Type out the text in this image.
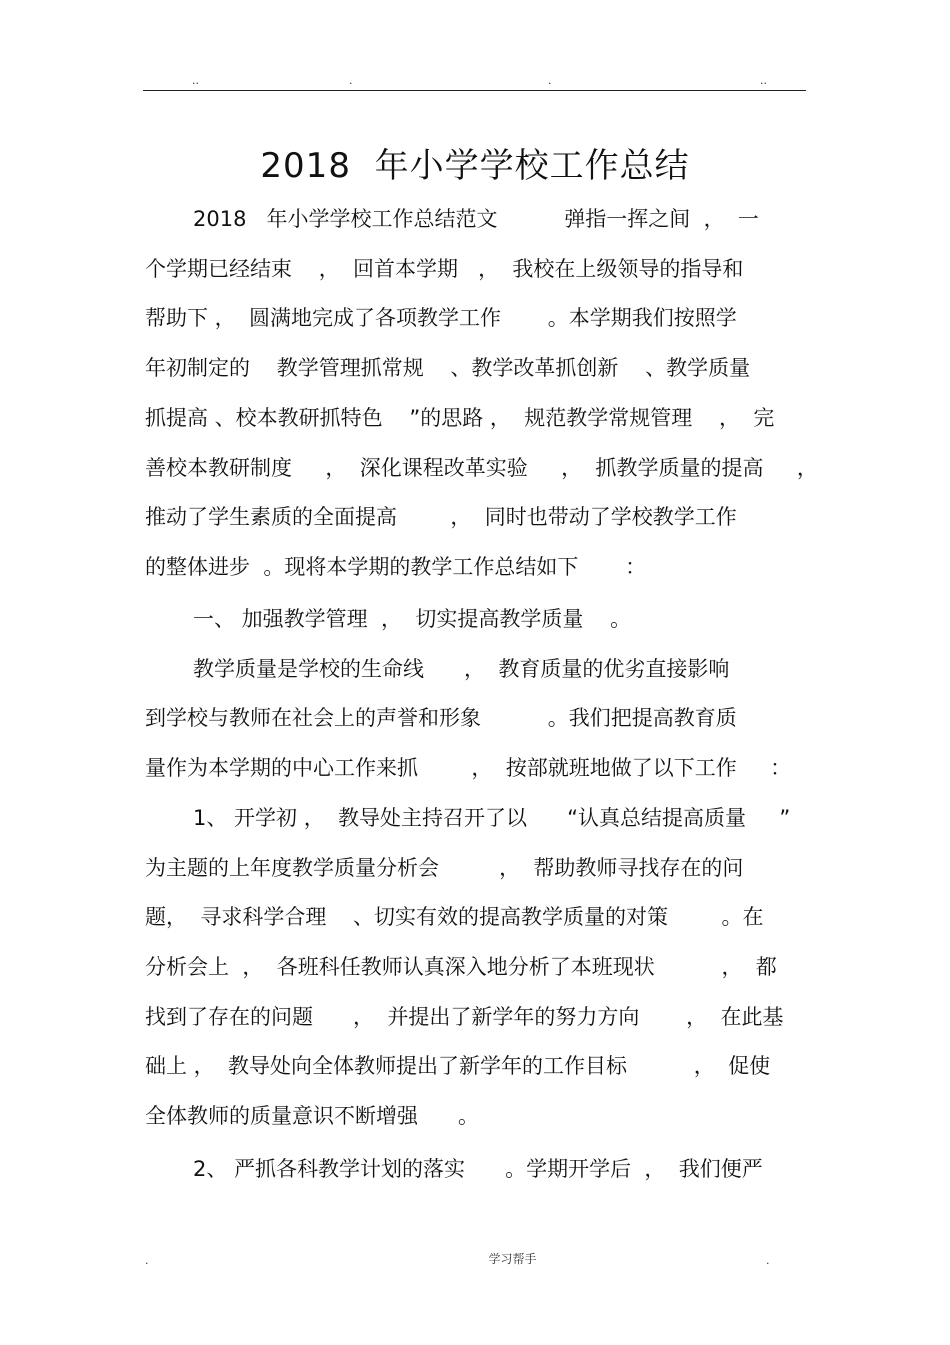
..	.	.	..
2018  年小学学校工作总结
2018   年小学学校工作总结范文          弹指一挥之间  ，  一
个学期已经结束    ，  回首本学期   ，  我校在上级领导的指导和
帮助下 ，  圆满地完成了各项教学工作       。本学期我们按照学
年初制定的    教学管理抓常规    、教学改革抓创新    、教学质量
抓提高 、校本教研抓特色    ”的思路 ，  规范教学常规管理    ，  完
善校本教研制度     ，  深化课程改革实验     ，  抓教学质量的提高     ，
推动了学生素质的全面提高        ，  同时也带动了学校教学工作
的整体进步  。现将本学期的教学工作总结如下       ：
一、 加强教学管理  ，  切实提高教学质量    。
教学质量是学校的生命线      ，  教育质量的优劣直接影响
到学校与教师在社会上的声誉和形象          。我们把提高教育质
量作为本学期的中心工作来抓        ，  按部就班地做了以下工作     ：
1、 开学初 ，  教导处主持召开了以      “认真总结提高质量     ”
为主题的上年度教学质量分析会         ，  帮助教师寻找存在的问
题，  寻求科学合理    、切实有效的提高教学质量的对策        。在
分析会上  ，  各班科任教师认真深入地分析了本班现状          ，  都
找到了存在的问题      ，  并提出了新学年的努力方向       ，  在此基
础上 ，  教导处向全体教师提出了新学年的工作目标          ，  促使
全体教师的质量意识不断增强      。
2、 严抓各科教学计划的落实      。学期开学后  ，  我们便严
.	学习帮手	.
